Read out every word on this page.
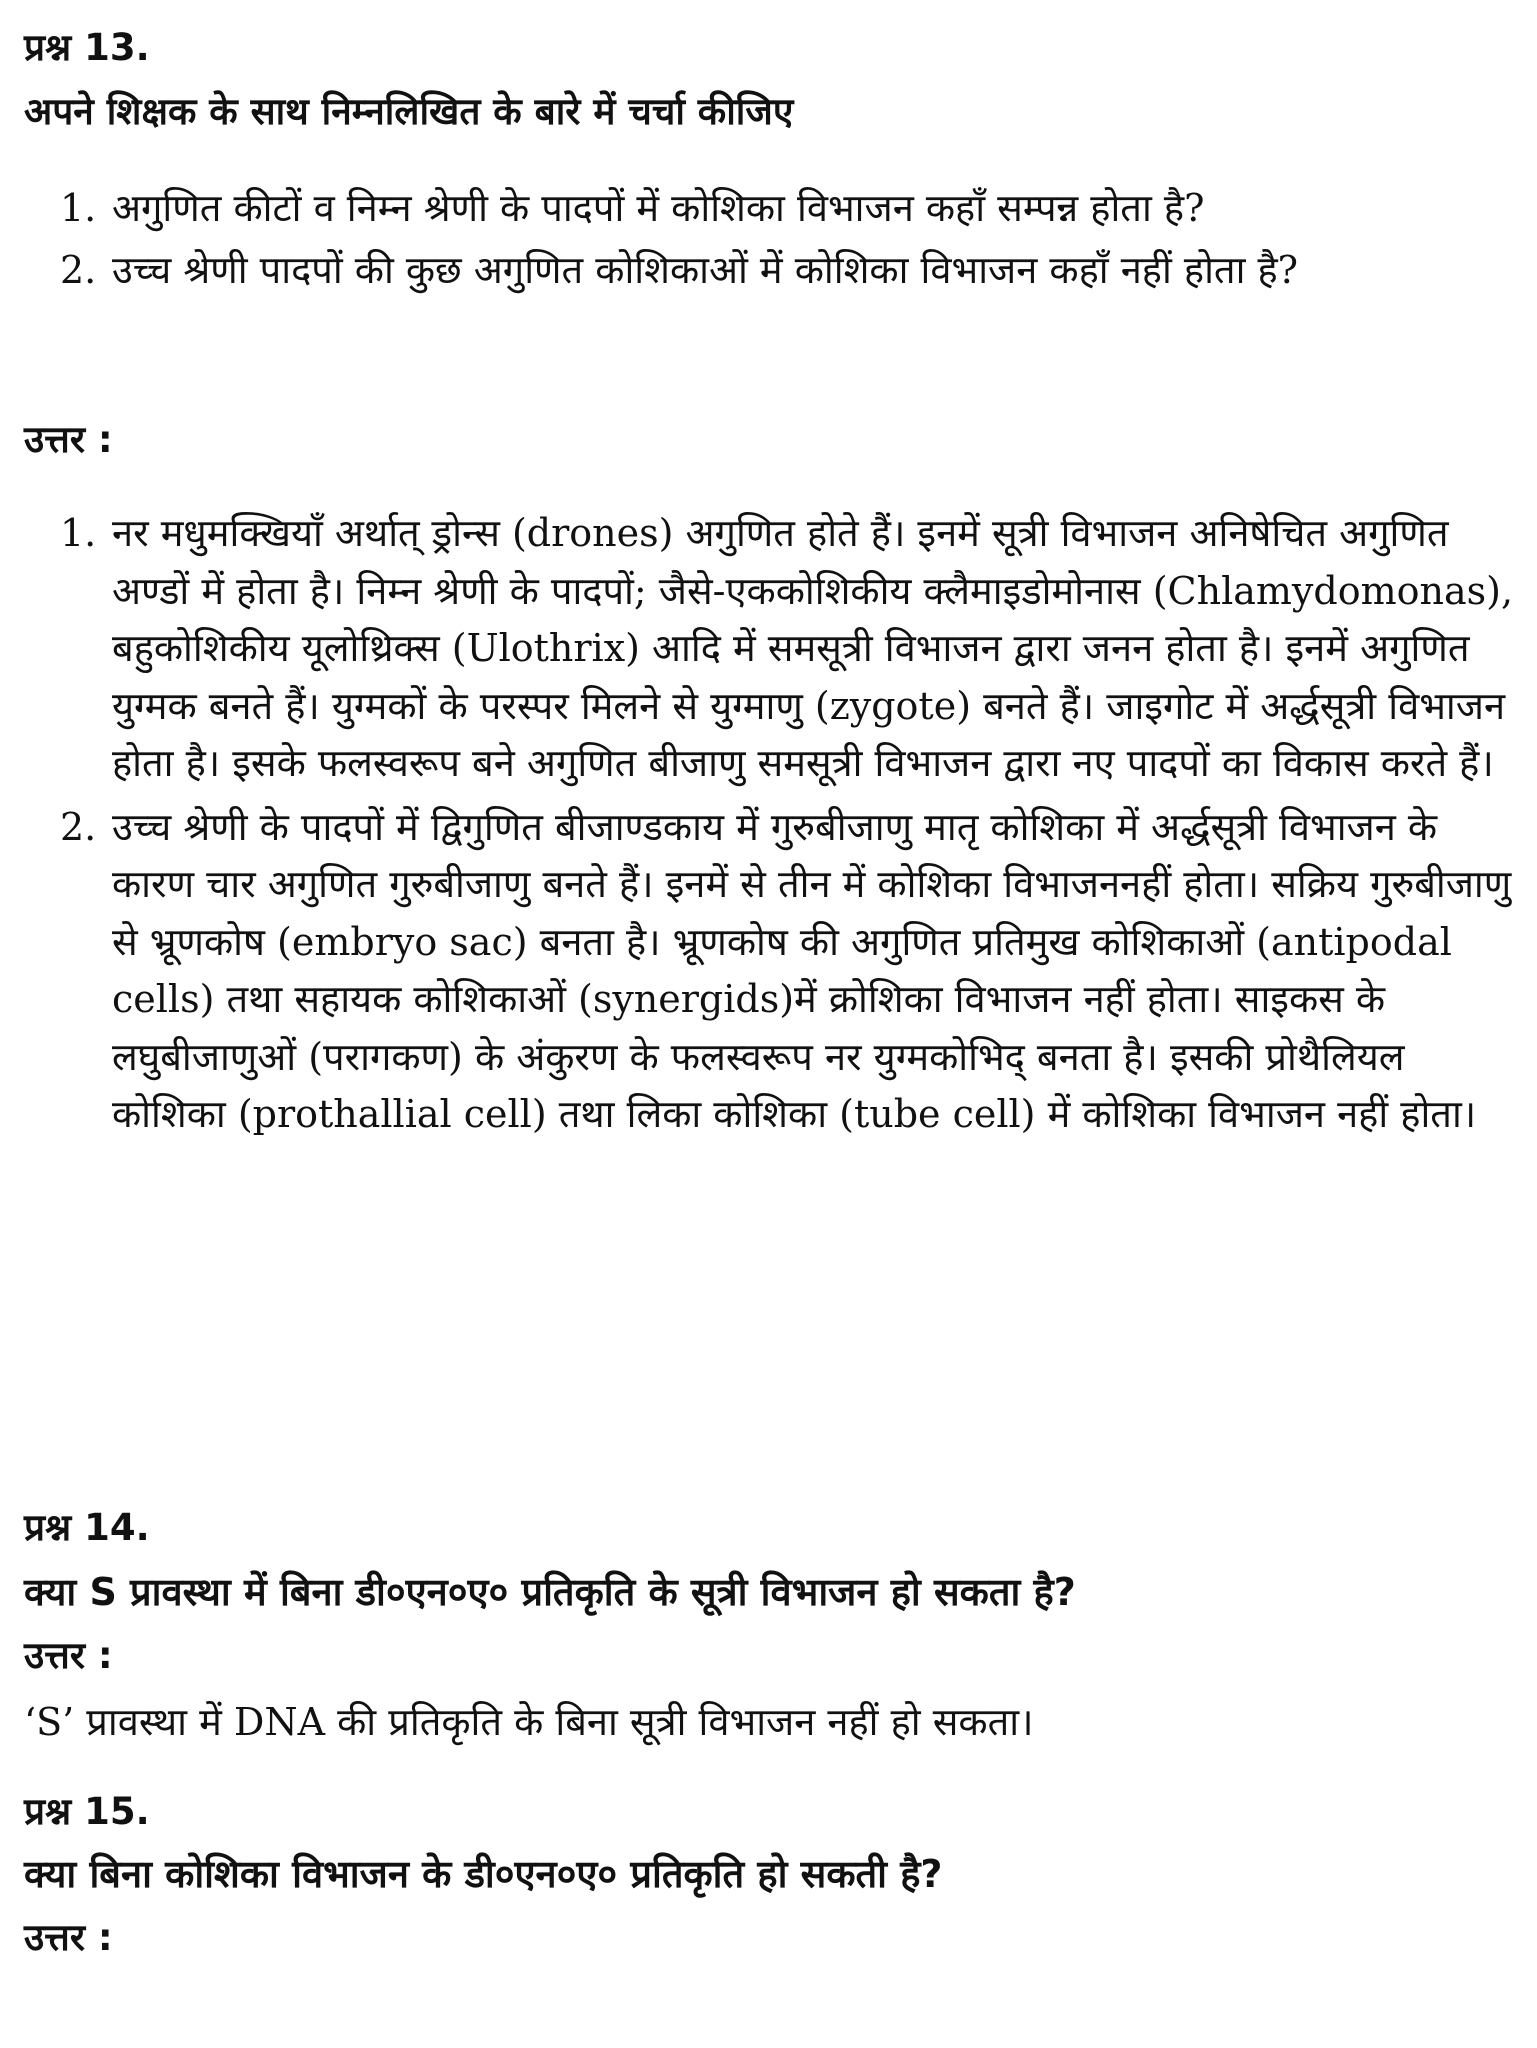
प्रश्न 13.
अपने शिक्षक के साथ निम्नलिखित के बारे में चर्चा कीजिए
1. अगुणित कीटों व निम्न श्रेणी के पादपों में कोशिका विभाजन कहाँ सम्पन्न होता है?
2. उच्च श्रेणी पादपों की कुछ अगुणित कोशिकाओं में कोशिका विभाजन कहाँ नहीं होता है?
उत्तर :
1. नर मधुमक्खियाँ अर्थात् ड्रोन्स (drones) अगुणित होते हैं। इनमें सूत्री विभाजन अनिषेचित अगुणित अण्डों में होता है। निम्न श्रेणी के पादपों; जैसे-एककोशिकीय क्लैमाइडोमोनास (Chlamydomonas), बहुकोशिकीय यूलोथ्रिक्स (Ulothrix) आदि में समसूत्री विभाजन द्वारा जनन होता है। इनमें अगुणित युग्मक बनते हैं। युग्मकों के परस्पर मिलने से युग्माणु (zygote) बनते हैं। जाइगोट में अर्द्धसूत्री विभाजन होता है। इसके फलस्वरूप बने अगुणित बीजाणु समसूत्री विभाजन द्वारा नए पादपों का विकास करते हैं।
2. उच्च श्रेणी के पादपों में द्विगुणित बीजाण्डकाय में गुरुबीजाणु मातृ कोशिका में अर्द्धसूत्री विभाजन के कारण चार अगुणित गुरुबीजाणु बनते हैं। इनमें से तीन में कोशिका विभाजननहीं होता। सक्रिय गुरुबीजाणु से भ्रूणकोष (embryo sac) बनता है। भ्रूणकोष की अगुणित प्रतिमुख कोशिकाओं (antipodal cells) तथा सहायक कोशिकाओं (synergids)में क्रोशिका विभाजन नहीं होता। साइकस के लघुबीजाणुओं (परागकण) के अंकुरण के फलस्वरूप नर युग्मकोभिद् बनता है। इसकी प्रोथैलियल कोशिका (prothallial cell) तथा लिका कोशिका (tube cell) में कोशिका विभाजन नहीं होता।
प्रश्न 14.
क्या S प्रावस्था में बिना डी०एन०ए० प्रतिकृति के सूत्री विभाजन हो सकता है?
उत्तर :
‘S’ प्रावस्था में DNA की प्रतिकृति के बिना सूत्री विभाजन नहीं हो सकता।
प्रश्न 15.
क्या बिना कोशिका विभाजन के डी०एन०ए० प्रतिकृति हो सकती है?
उत्तर :
